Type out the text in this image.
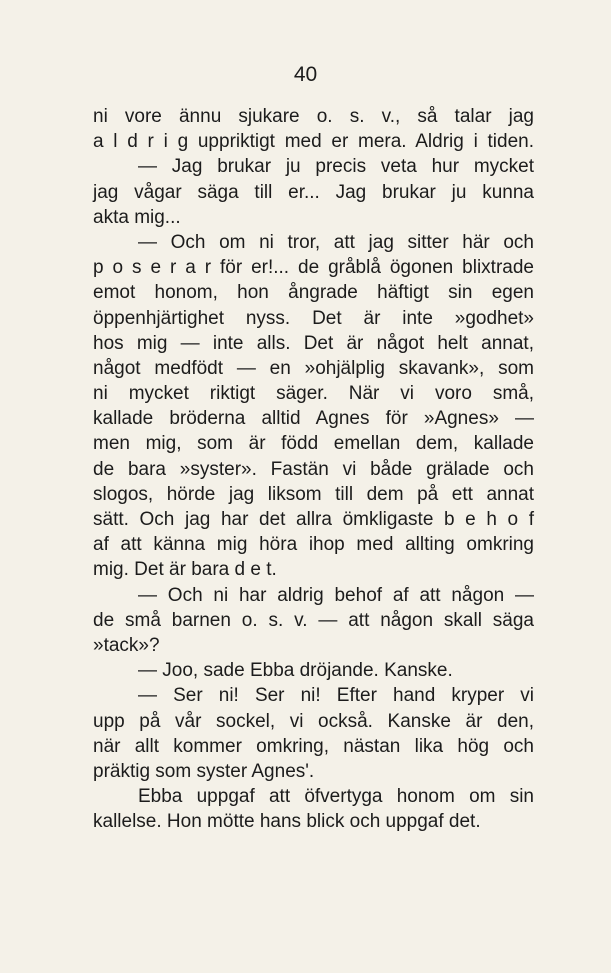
40
ni vore ännu sjukare o. s. v., så talar jag
a l d r i g uppriktigt med er mera. Aldrig i tiden.
— Jag brukar ju precis veta hur mycket
jag vågar säga till er... Jag brukar ju kunna
akta mig...
— Och om ni tror, att jag sitter här och
p o s e r a r för er!... de gråblå ögonen blixtrade
emot honom, hon ångrade häftigt sin egen
öppenhjärtighet nyss. Det är inte »godhet»
hos mig — inte alls. Det är något helt annat,
något medfödt — en »ohjälplig skavank», som
ni mycket riktigt säger. När vi voro små,
kallade bröderna alltid Agnes för »Agnes» —
men mig, som är född emellan dem, kallade
de bara »syster». Fastän vi både grälade och
slogos, hörde jag liksom till dem på ett annat
sätt. Och jag har det allra ömkligaste b e h o f
af att känna mig höra ihop med allting omkring
mig. Det är bara d e t.
— Och ni har aldrig behof af att någon —
de små barnen o. s. v. — att någon skall säga
»tack»?
— Joo, sade Ebba dröjande. Kanske.
— Ser ni! Ser ni! Efter hand kryper vi
upp på vår sockel, vi också. Kanske är den,
när allt kommer omkring, nästan lika hög och
präktig som syster Agnes'.
Ebba uppgaf att öfvertyga honom om sin
kallelse. Hon mötte hans blick och uppgaf det.
